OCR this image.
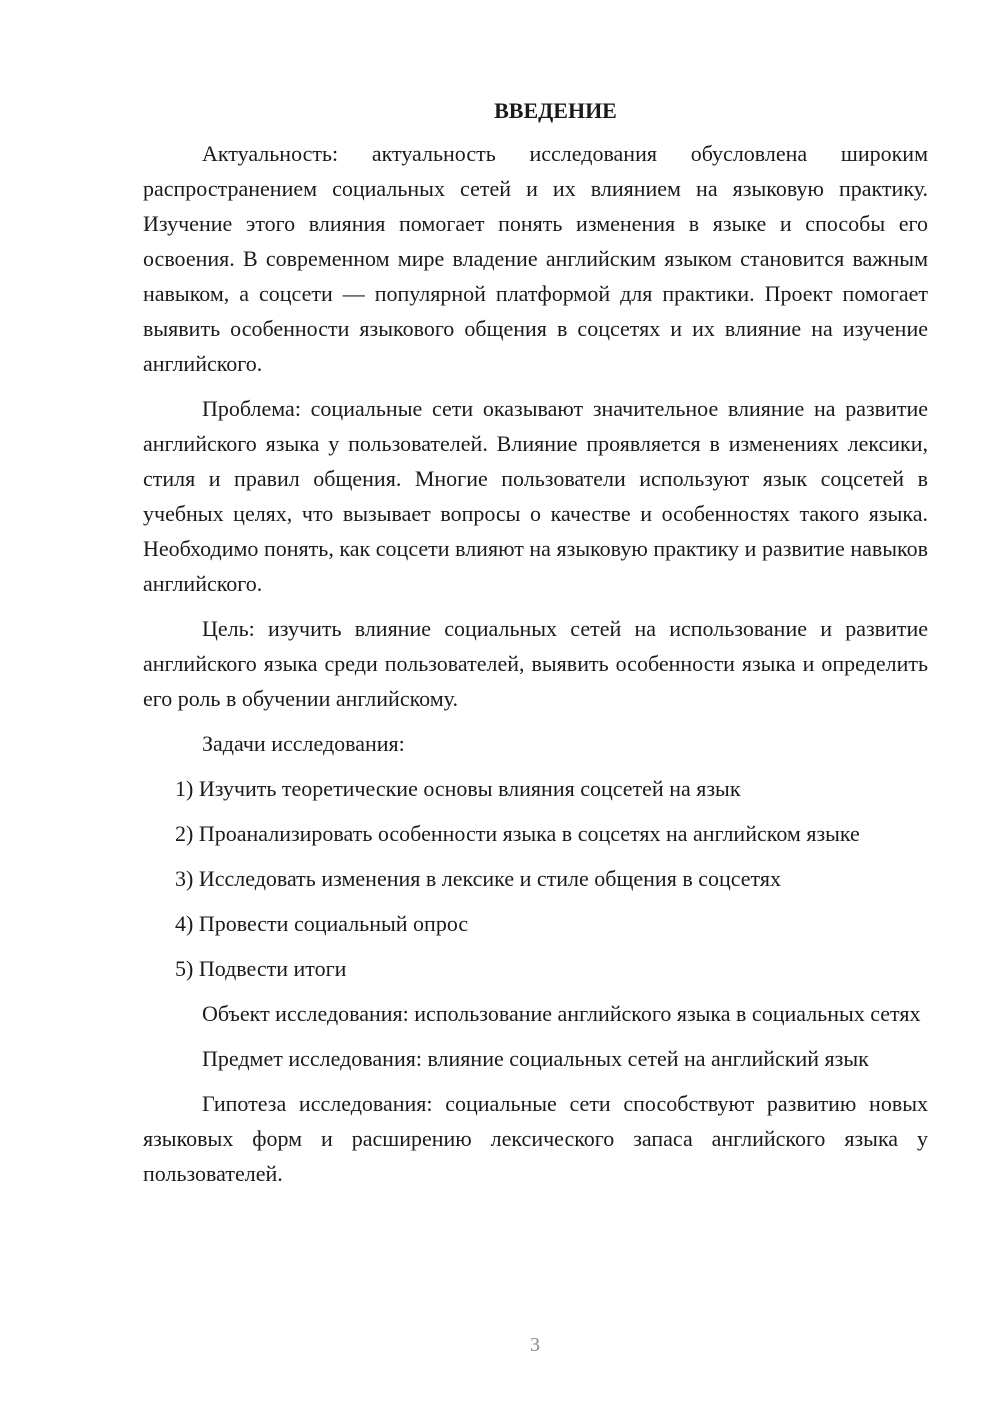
ВВЕДЕНИЕ

Актуальность: актуальность исследования обусловлена широким распространением социальных сетей и их влиянием на языковую практику. Изучение этого влияния помогает понять изменения в языке и способы его освоения. В современном мире владение английским языком становится важным навыком, а соцсети — популярной платформой для практики. Проект помогает выявить особенности языкового общения в соцсетях и их влияние на изучение английского.

Проблема: социальные сети оказывают значительное влияние на развитие английского языка у пользователей. Влияние проявляется в изменениях лексики, стиля и правил общения. Многие пользователи используют язык соцсетей в учебных целях, что вызывает вопросы о качестве и особенностях такого языка. Необходимо понять, как соцсети влияют на языковую практику и развитие навыков английского.

Цель: изучить влияние социальных сетей на использование и развитие английского языка среди пользователей, выявить особенности языка и определить его роль в обучении английскому.

Задачи исследования:

1) Изучить теоретические основы влияния соцсетей на язык

2) Проанализировать особенности языка в соцсетях на английском языке

3) Исследовать изменения в лексике и стиле общения в соцсетях

4) Провести социальный опрос

5) Подвести итоги

Объект исследования: использование английского языка в социальных сетях

Предмет исследования: влияние социальных сетей на английский язык

Гипотеза исследования: социальные сети способствуют развитию новых языковых форм и расширению лексического запаса английского языка у пользователей.

3
